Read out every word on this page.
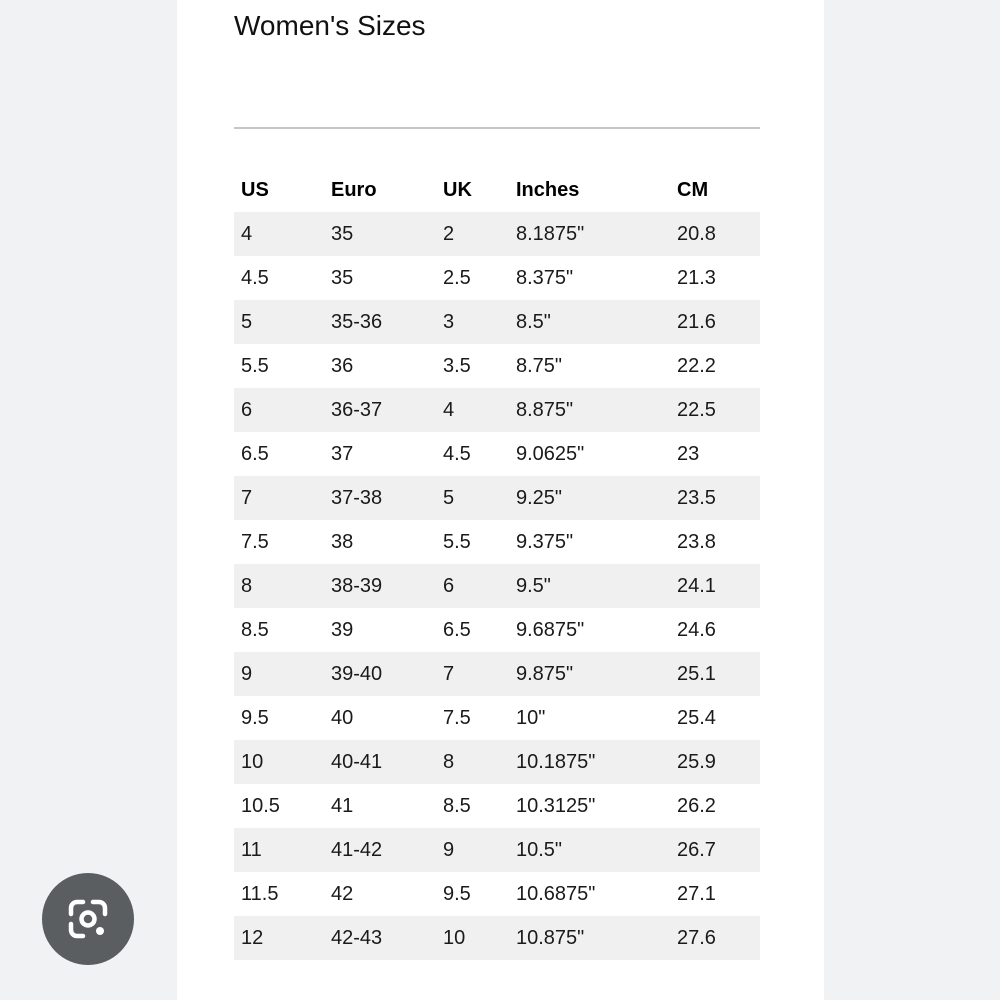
Women's Sizes
US	Euro	UK	Inches	CM
4	35	2	8.1875"	20.8
4.5	35	2.5	8.375"	21.3
5	35-36	3	8.5"	21.6
5.5	36	3.5	8.75"	22.2
6	36-37	4	8.875"	22.5
6.5	37	4.5	9.0625"	23
7	37-38	5	9.25"	23.5
7.5	38	5.5	9.375"	23.8
8	38-39	6	9.5"	24.1
8.5	39	6.5	9.6875"	24.6
9	39-40	7	9.875"	25.1
9.5	40	7.5	10"	25.4
10	40-41	8	10.1875"	25.9
10.5	41	8.5	10.3125"	26.2
11	41-42	9	10.5"	26.7
11.5	42	9.5	10.6875"	27.1
12	42-43	10	10.875"	27.6
